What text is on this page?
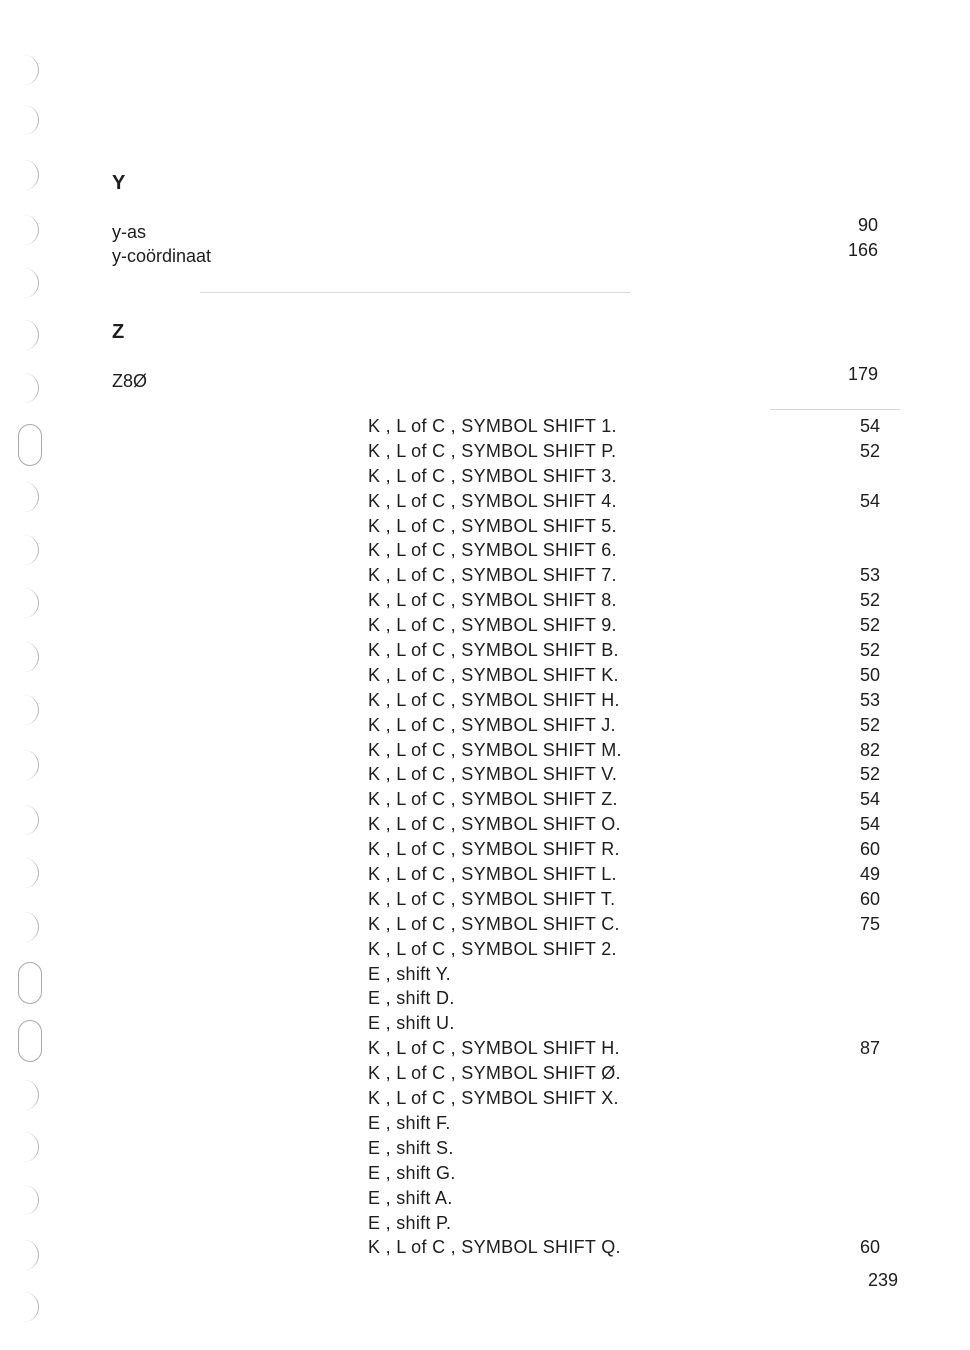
Y
y-as	90
y-coördinaat	166
Z
Z8Ø	179
K , L of C , SYMBOL SHIFT 1.	54
K , L of C , SYMBOL SHIFT P.	52
K , L of C , SYMBOL SHIFT 3.
K , L of C , SYMBOL SHIFT 4.	54
K , L of C , SYMBOL SHIFT 5.
K , L of C , SYMBOL SHIFT 6.
K , L of C , SYMBOL SHIFT 7.	53
K , L of C , SYMBOL SHIFT 8.	52
K , L of C , SYMBOL SHIFT 9.	52
K , L of C , SYMBOL SHIFT B.	52
K , L of C , SYMBOL SHIFT K.	50
K , L of C , SYMBOL SHIFT H.	53
K , L of C , SYMBOL SHIFT J.	52
K , L of C , SYMBOL SHIFT M.	82
K , L of C , SYMBOL SHIFT V.	52
K , L of C , SYMBOL SHIFT Z.	54
K , L of C , SYMBOL SHIFT O.	54
K , L of C , SYMBOL SHIFT R.	60
K , L of C , SYMBOL SHIFT L.	49
K , L of C , SYMBOL SHIFT T.	60
K , L of C , SYMBOL SHIFT C.	75
K , L of C , SYMBOL SHIFT 2.
E , shift Y.
E , shift D.
E , shift U.
K , L of C , SYMBOL SHIFT H.	87
K , L of C , SYMBOL SHIFT Ø.
K , L of C , SYMBOL SHIFT X.
E , shift F.
E , shift S.
E , shift G.
E , shift A.
E , shift P.
K , L of C , SYMBOL SHIFT Q.	60
239
